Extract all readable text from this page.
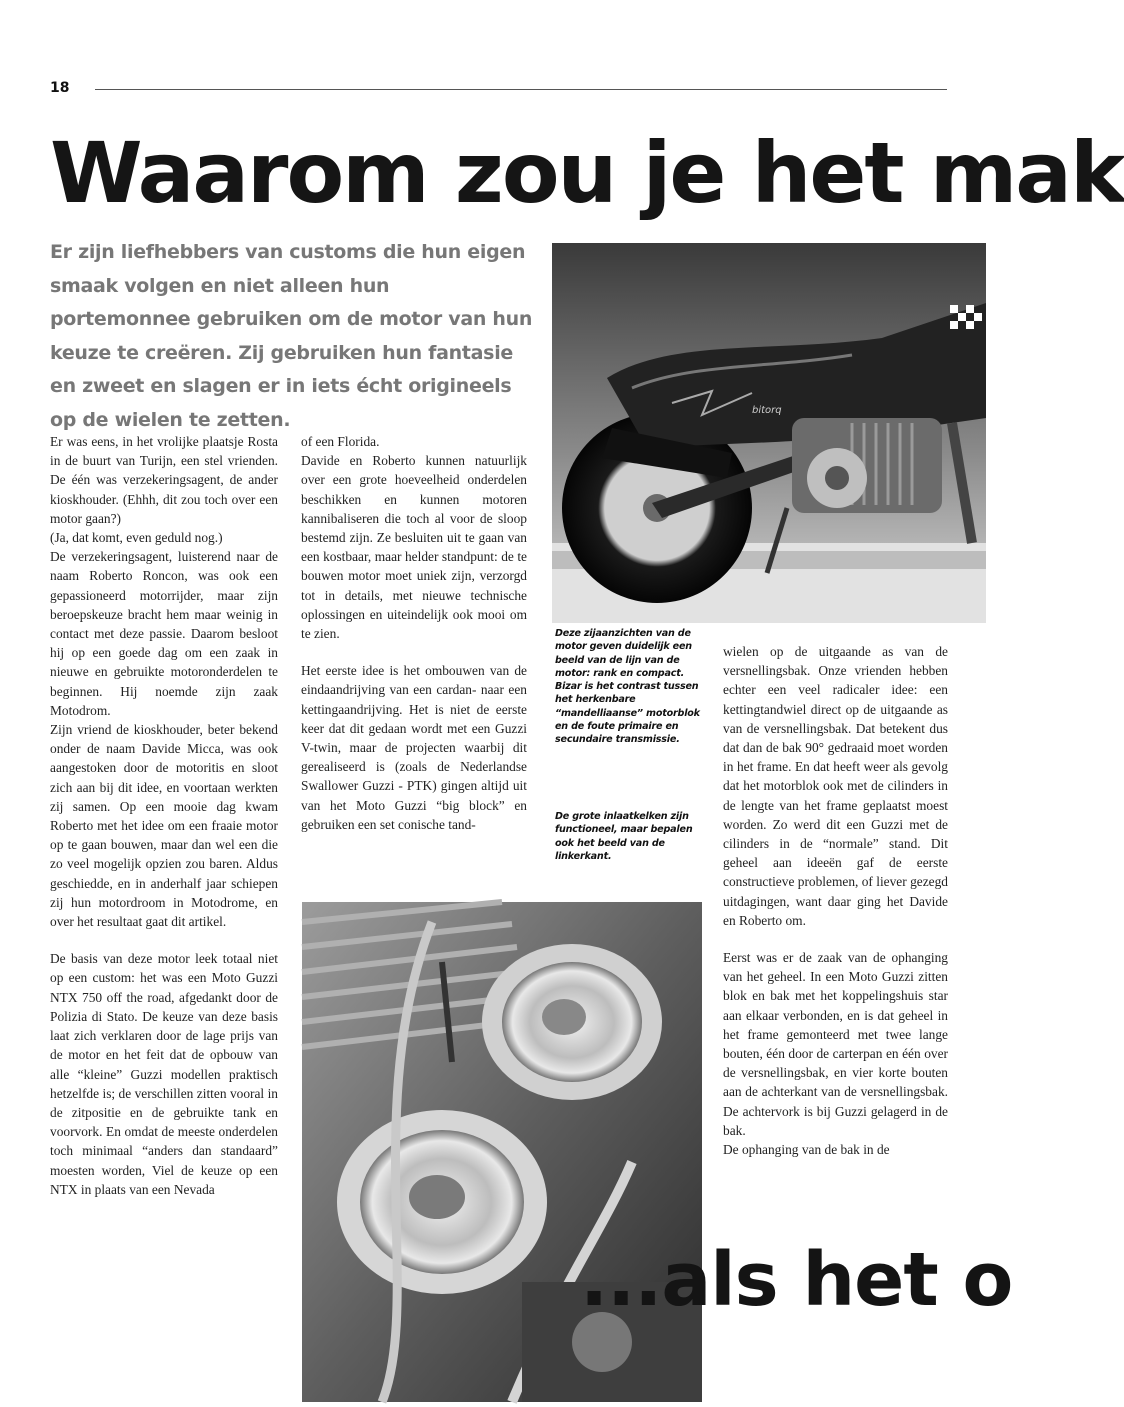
18
Waarom zou je het mak
Er zijn liefhebbers van customs die hun eigen smaak volgen en niet alleen hun portemonnee gebruiken om de motor van hun keuze te creëren. Zij gebruiken hun fantasie en zweet en slagen er in iets écht origineels op de wielen te zetten.	bitorq

Er was eens, in het vrolijke plaatsje Rosta in de buurt van Turijn, een stel vrienden. De één was verzekeringsagent, de ander kioskhouder. (Ehhh, dit zou toch over een motor gaan?)

(Ja, dat komt, even geduld nog.)

De verzekeringsagent, luisterend naar de naam Roberto Roncon, was ook een gepassioneerd motorrijder, maar zijn beroepskeuze bracht hem maar weinig in contact met deze passie. Daarom besloot hij op een goede dag om een zaak in nieuwe en gebruikte motoronderdelen te beginnen. Hij noemde zijn zaak Motodrom.

Zijn vriend de kioskhouder, beter bekend onder de naam Davide Micca, was ook aangestoken door de motoritis en sloot zich aan bij dit idee, en voortaan werkten zij samen. Op een mooie dag kwam Roberto met het idee om een fraaie motor op te gaan bouwen, maar dan wel een die zo veel mogelijk opzien zou baren. Aldus geschiedde, en in anderhalf jaar schiepen zij hun motordroom in Motodrome, en over het resultaat gaat dit artikel.

De basis van deze motor leek totaal niet op een custom: het was een Moto Guzzi NTX 750 off the road, afgedankt door de Polizia di Stato. De keuze van deze basis laat zich verklaren door de lage prijs van de motor en het feit dat de opbouw van alle “kleine” Guzzi modellen praktisch hetzelfde is; de verschillen zitten vooral in de zitpositie en de gebruikte tank en voorvork. En omdat de meeste onderdelen toch minimaal “anders dan standaard” moesten worden, Viel de keuze op een NTX in plaats van een Nevada

of een Florida.

Davide en Roberto kunnen natuurlijk over een grote hoeveelheid onderdelen beschikken en kunnen motoren kannibaliseren die toch al voor de sloop bestemd zijn. Ze besluiten uit te gaan van een kostbaar, maar helder standpunt: de te bouwen motor moet uniek zijn, verzorgd tot in details, met nieuwe technische oplossingen en uiteindelijk ook mooi om te zien.

Het eerste idee is het ombouwen van de eindaandrijving van een cardan- naar een kettingaandrijving. Het is niet de eerste keer dat dit gedaan wordt met een Guzzi V-twin, maar de projecten waarbij dit gerealiseerd is (zoals de Nederlandse Swallower Guzzi - PTK) gingen altijd uit van het Moto Guzzi “big block” en gebruiken een set conische tand-

Deze zijaanzichten van de motor geven duidelijk een beeld van de lijn van de motor: rank en compact. Bizar is het contrast tussen het herkenbare “mandelliaanse” motorblok en de foute primaire en secundaire transmissie.
De grote inlaatkelken zijn functioneel, maar bepalen ook het beeld van de linkerkant.

wielen op de uitgaande as van de versnellingsbak. Onze vrienden hebben echter een veel radicaler idee: een kettingtandwiel direct op de uitgaande as van de versnellingsbak. Dat betekent dus dat dan de bak 90° gedraaid moet worden in het frame. En dat heeft weer als gevolg dat het motorblok ook met de cilinders in de lengte van het frame geplaatst moest worden. Zo werd dit een Guzzi met de cilinders in de “normale” stand. Dit geheel aan ideeën gaf de eerste constructieve problemen, of liever gezegd uitdagingen, want daar ging het Davide en Roberto om.

Eerst was er de zaak van de ophanging van het geheel. In een Moto Guzzi zitten blok en bak met het koppelingshuis star aan elkaar verbonden, en is dat geheel in het frame gemonteerd met twee lange bouten, één door de carterpan en één over de versnellingsbak, en vier korte bouten aan de achterkant van de versnellingsbak. De achtervork is bij Guzzi gelagerd in de bak.

De ophanging van de bak in de

...als het o
